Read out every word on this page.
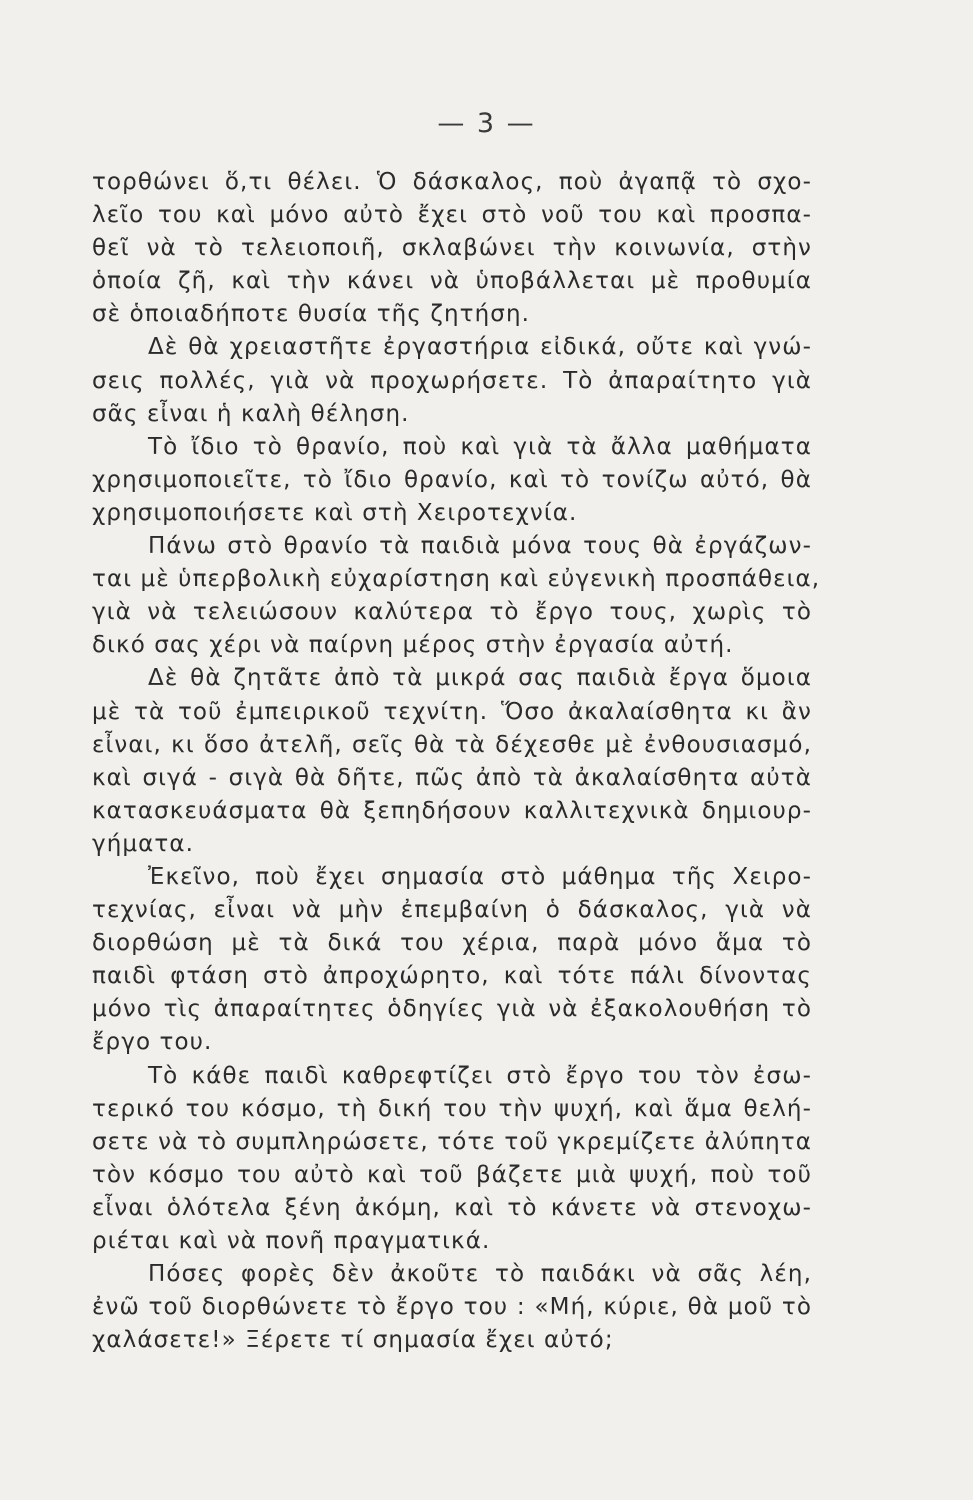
— 3 —
τορθώνει ὅ,τι θέλει. Ὁ δάσκαλος, ποὺ ἀγαπᾷ τὸ σχο-
λεῖο του καὶ μόνο αὐτὸ ἔχει στὸ νοῦ του καὶ προσπα-
θεῖ νὰ τὸ τελειοποιῆ, σκλαβώνει τὴν κοινωνία, στὴν
ὁποία ζῆ, καὶ τὴν κάνει νὰ ὑποβάλλεται μὲ προθυμία
σὲ ὁποιαδήποτε θυσία τῆς ζητήση.
Δὲ θὰ χρειαστῆτε ἐργαστήρια εἰδικά, οὔτε καὶ γνώ-
σεις πολλές, γιὰ νὰ προχωρήσετε. Τὸ ἀπαραίτητο γιὰ
σᾶς εἶναι ἡ καλὴ θέληση.
Τὸ ἴδιο τὸ θρανίο, ποὺ καὶ γιὰ τὰ ἄλλα μαθήματα
χρησιμοποιεῖτε, τὸ ἴδιο θρανίο, καὶ τὸ τονίζω αὐτό, θὰ
χρησιμοποιήσετε καὶ στὴ Χειροτεχνία.
Πάνω στὸ θρανίο τὰ παιδιὰ μόνα τους θὰ ἐργάζων-
ται μὲ ὑπερβολικὴ εὐχαρίστηση καὶ εὐγενικὴ προσπάθεια,
γιὰ νὰ τελειώσουν καλύτερα τὸ ἔργο τους, χωρὶς τὸ
δικό σας χέρι νὰ παίρνη μέρος στὴν ἐργασία αὐτή.
Δὲ θὰ ζητᾶτε ἀπὸ τὰ μικρά σας παιδιὰ ἔργα ὅμοια
μὲ τὰ τοῦ ἐμπειρικοῦ τεχνίτη. Ὅσο ἀκαλαίσθητα κι ἂν
εἶναι, κι ὅσο ἀτελῆ, σεῖς θὰ τὰ δέχεσθε μὲ ἐνθουσιασμό,
καὶ σιγά - σιγὰ θὰ δῆτε, πῶς ἀπὸ τὰ ἀκαλαίσθητα αὐτὰ
κατασκευάσματα θὰ ξεπηδήσουν καλλιτεχνικὰ δημιουρ-
γήματα.
Ἐκεῖνο, ποὺ ἔχει σημασία στὸ μάθημα τῆς Χειρο-
τεχνίας, εἶναι νὰ μὴν ἐπεμβαίνη ὁ δάσκαλος, γιὰ νὰ
διορθώση μὲ τὰ δικά του χέρια, παρὰ μόνο ἅμα τὸ
παιδὶ φτάση στὸ ἀπροχώρητο, καὶ τότε πάλι δίνοντας
μόνο τὶς ἀπαραίτητες ὁδηγίες γιὰ νὰ ἐξακολουθήση τὸ
ἔργο του.
Τὸ κάθε παιδὶ καθρεφτίζει στὸ ἔργο του τὸν ἐσω-
τερικό του κόσμο, τὴ δική του τὴν ψυχή, καὶ ἅμα θελή-
σετε νὰ τὸ συμπληρώσετε, τότε τοῦ γκρεμίζετε ἀλύπητα
τὸν κόσμο του αὐτὸ καὶ τοῦ βάζετε μιὰ ψυχή, ποὺ τοῦ
εἶναι ὁλότελα ξένη ἀκόμη, καὶ τὸ κάνετε νὰ στενοχω-
ριέται καὶ νὰ πονῆ πραγματικά.
Πόσες φορὲς δὲν ἀκοῦτε τὸ παιδάκι νὰ σᾶς λέη,
ἐνῶ τοῦ διορθώνετε τὸ ἔργο του : «Μή, κύριε, θὰ μοῦ τὸ
χαλάσετε!» Ξέρετε τί σημασία ἔχει αὐτό;
